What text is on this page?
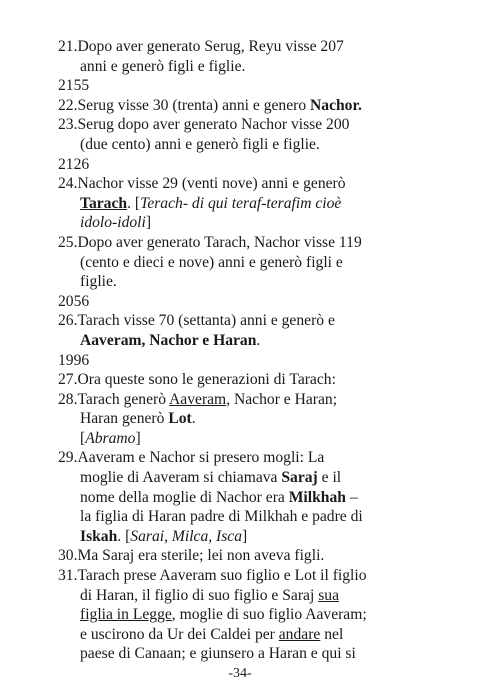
21.Dopo aver generato Serug, Reyu visse 207
anni e generò figli e figlie.
2155
22.Serug visse 30 (trenta) anni e genero Nachor.
23.Serug dopo aver generato Nachor visse 200
(due cento) anni e generò figli e figlie.
2126
24.Nachor visse 29 (venti nove) anni e generò
Tarach. [Terach- di qui teraf-terafim cioè
idolo-idoli]
25.Dopo aver generato Tarach, Nachor visse 119
(cento e dieci e nove) anni e generò figli e
figlie.
2056
26.Tarach visse 70 (settanta) anni e generò e
Aaveram, Nachor e Haran.
1996
27.Ora queste sono le generazioni di Tarach:
28.Tarach generò Aaveram, Nachor e Haran;
Haran generò Lot.
[Abramo]
29.Aaveram e Nachor si presero mogli: La
moglie di Aaveram si chiamava Saraj e il
nome della moglie di Nachor era Milkhah –
la figlia di Haran padre di Milkhah e padre di
Iskah. [Sarai, Milca, Isca]
30.Ma Saraj era sterile; lei non aveva figli.
31.Tarach prese Aaveram suo figlio e Lot il figlio
di Haran, il figlio di suo figlio e Saraj sua
figlia in Legge, moglie di suo figlio Aaveram;
e uscirono da Ur dei Caldei per andare nel
paese di Canaan; e giunsero a Haran e qui si
-34-
